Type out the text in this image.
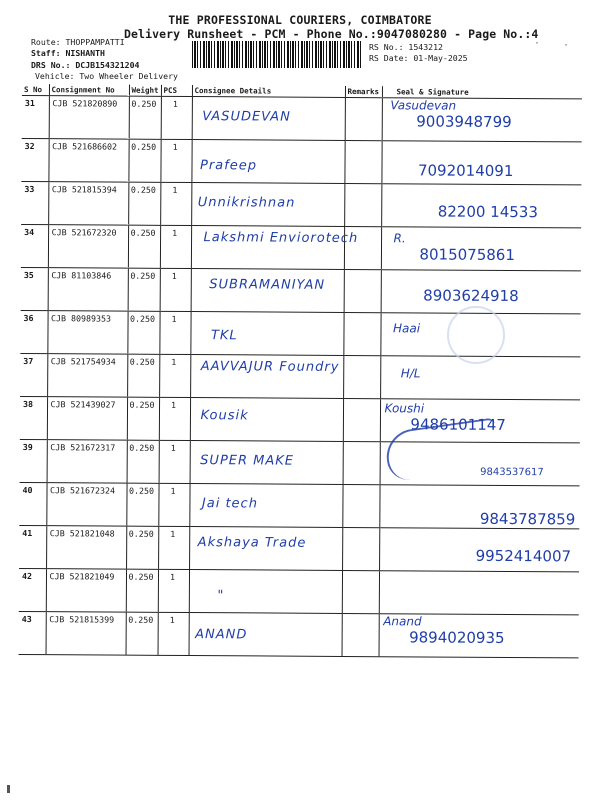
THE PROFESSIONAL COURIERS, COIMBATORE
Delivery Runsheet - PCM - Phone No.:9047080280 - Page No.:4
Route: THOPPAMPATTI
Staff: NISHANTH
DRS No.: DCJB154321204
Vehicle: Two Wheeler Delivery
RS No.: 1543212
RS Date: 01-May-2025
· ·
S No	Consignment No	Weight	PCS	Consignee Details	Remarks	Seal & Signature
31	CJB 521820890	0.250	1	VASUDEVAN		Vasudevan
9003948799

32	CJB 521686602	0.250	1	Prafeep		7092014091

33	CJB 521815394	0.250	1	Unnikrishnan		82200 14533

34	CJB 521672320	0.250	1	Lakshmi Enviorotech		R.
8015075861

35	CJB 81103846	0.250	1	SUBRAMANIYAN		8903624918

36	CJB 80989353	0.250	1	TKL		Haai

37	CJB 521754934	0.250	1	AAVVAJUR Foundry		H/L

38	CJB 521439027	0.250	1	Kousik		Koushi
9486101147

39	CJB 521672317	0.250	1	SUPER MAKE		9843537617

40	CJB 521672324	0.250	1	Jai tech		9843787859

41	CJB 521821048	0.250	1	Akshaya Trade		9952414007

42	CJB 521821049	0.250	1	"		

43	CJB 521815399	0.250	1	ANAND		Anand
9894020935
